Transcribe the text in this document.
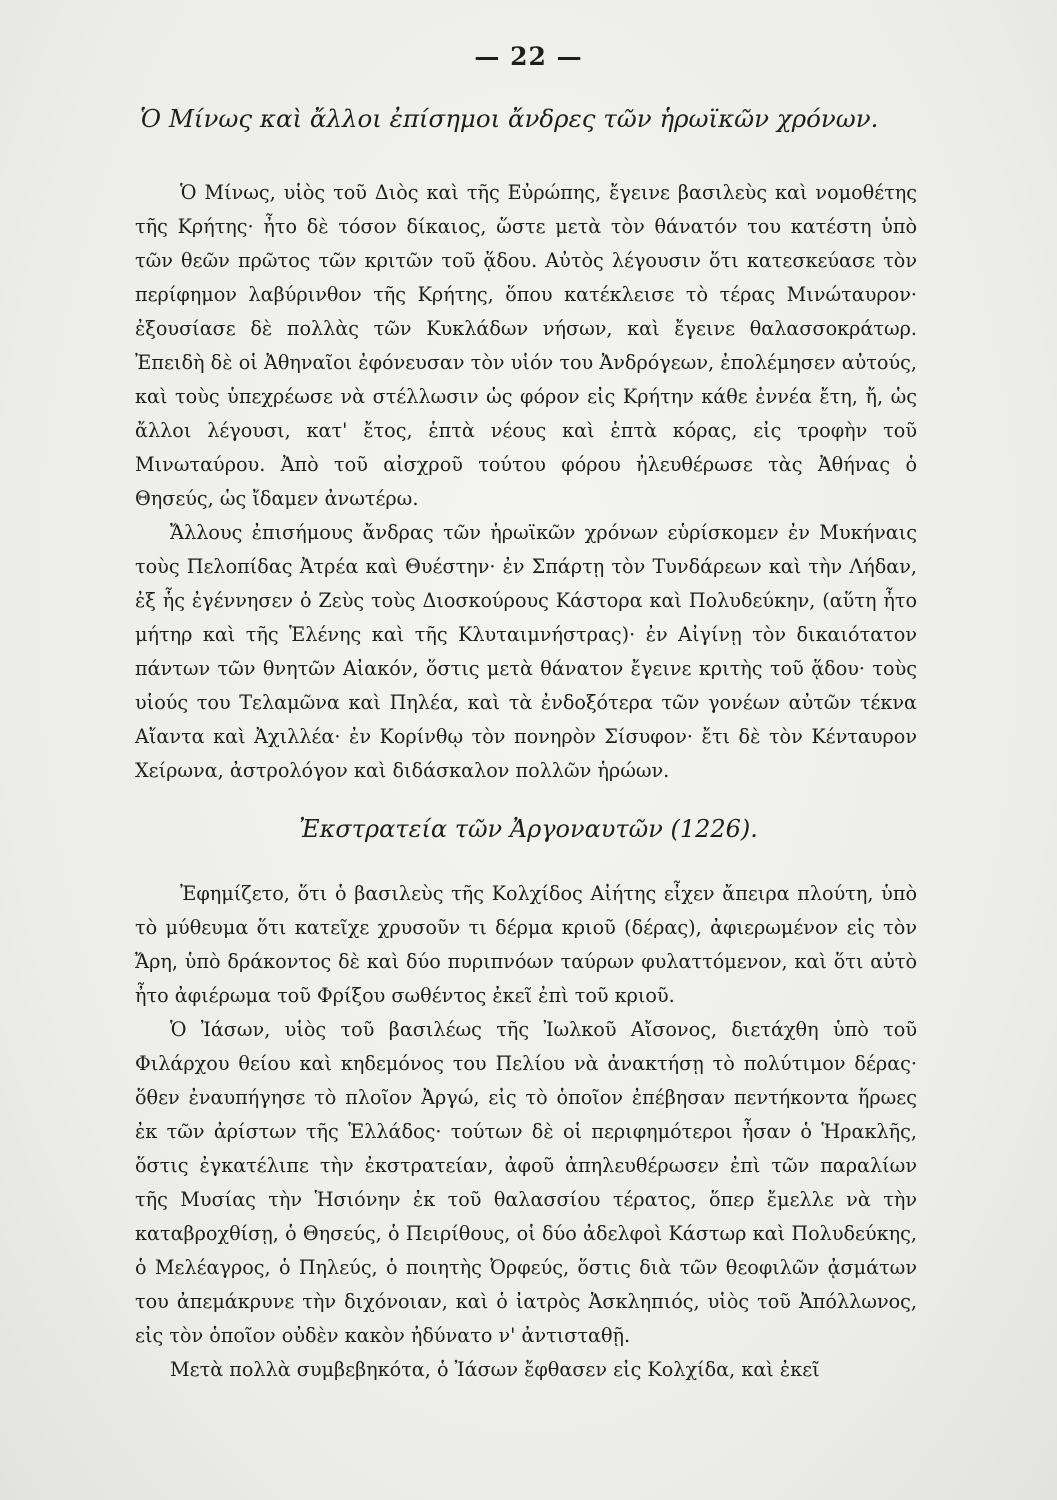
— 22 —
Ὁ Μίνως καὶ ἄλλοι ἐπίσημοι ἄνδρες τῶν ἡρωϊκῶν χρόνων.

Ὁ Μίνως, υἱὸς τοῦ Διὸς καὶ τῆς Εὐρώπης, ἔγεινε βασιλεὺς καὶ νομοθέτης τῆς Κρήτης· ἦτο δὲ τόσον δίκαιος, ὥστε μετὰ τὸν θάνατόν του κατέστη ὑπὸ τῶν θεῶν πρῶτος τῶν κριτῶν τοῦ ᾅδου. Αὐτὸς λέγουσιν ὅτι κατεσκεύασε τὸν περίφημον λαβύρινθον τῆς Κρήτης, ὅπου κατέκλεισε τὸ τέρας Μινώταυρον· ἐξουσίασε δὲ πολλὰς τῶν Κυκλάδων νήσων, καὶ ἔγεινε θαλασσοκράτωρ. Ἐπειδὴ δὲ οἱ Ἀθηναῖοι ἐφόνευσαν τὸν υἱόν του Ἀνδρόγεων, ἐπολέμησεν αὐτούς, καὶ τοὺς ὑπεχρέωσε νὰ στέλλωσιν ὡς φόρον εἰς Κρήτην κάθε ἐννέα ἔτη, ἤ, ὡς ἄλλοι λέγουσι, κατ' ἔτος, ἑπτὰ νέους καὶ ἑπτὰ κόρας, εἰς τροφὴν τοῦ Μινωταύρου. Ἀπὸ τοῦ αἰσχροῦ τούτου φόρου ἠλευθέρωσε τὰς Ἀθήνας ὁ Θησεύς, ὡς ἴδαμεν ἀνωτέρω.

Ἄλλους ἐπισήμους ἄνδρας τῶν ἡρωϊκῶν χρόνων εὑρίσκομεν ἐν Μυκήναις τοὺς Πελοπίδας Ἀτρέα καὶ Θυέστην· ἐν Σπάρτῃ τὸν Τυνδάρεων καὶ τὴν Λήδαν, ἐξ ἧς ἐγέννησεν ὁ Ζεὺς τοὺς Διοσκούρους Κάστορα καὶ Πολυδεύκην, (αὕτη ἦτο μήτηρ καὶ τῆς Ἑλένης καὶ τῆς Κλυταιμνήστρας)· ἐν Αἰγίνῃ τὸν δικαιότατον πάντων τῶν θνητῶν Αἰακόν, ὅστις μετὰ θάνατον ἔγεινε κριτὴς τοῦ ᾅδου· τοὺς υἱούς του Τελαμῶνα καὶ Πηλέα, καὶ τὰ ἐνδοξότερα τῶν γονέων αὐτῶν τέκνα Αἴαντα καὶ Ἀχιλλέα· ἐν Κορίνθῳ τὸν πονηρὸν Σίσυφον· ἔτι δὲ τὸν Κένταυρον Χείρωνα, ἀστρολόγον καὶ διδάσκαλον πολλῶν ἡρώων.

Ἐκστρατεία τῶν Ἀργοναυτῶν (1226).

Ἐφημίζετο, ὅτι ὁ βασιλεὺς τῆς Κολχίδος Αἰήτης εἶχεν ἄπειρα πλούτη, ὑπὸ τὸ μύθευμα ὅτι κατεῖχε χρυσοῦν τι δέρμα κριοῦ (δέρας), ἀφιερωμένον εἰς τὸν Ἄρη, ὑπὸ δράκοντος δὲ καὶ δύο πυριπνόων ταύρων φυλαττόμενον, καὶ ὅτι αὐτὸ ἦτο ἀφιέρωμα τοῦ Φρίξου σωθέντος ἐκεῖ ἐπὶ τοῦ κριοῦ.

Ὁ Ἰάσων, υἱὸς τοῦ βασιλέως τῆς Ἰωλκοῦ Αἴσονος, διετάχθη ὑπὸ τοῦ Φιλάρχου θείου καὶ κηδεμόνος του Πελίου νὰ ἀνακτήσῃ τὸ πολύτιμον δέρας· ὅθεν ἐναυπήγησε τὸ πλοῖον Ἀργώ, εἰς τὸ ὁποῖον ἐπέβησαν πεντήκοντα ἥρωες ἐκ τῶν ἀρίστων τῆς Ἑλλάδος· τούτων δὲ οἱ περιφημότεροι ἦσαν ὁ Ἡρακλῆς, ὅστις ἐγκατέλιπε τὴν ἐκστρατείαν, ἀφοῦ ἀπηλευθέρωσεν ἐπὶ τῶν παραλίων τῆς Μυσίας τὴν Ἡσιόνην ἐκ τοῦ θαλασσίου τέρατος, ὅπερ ἔμελλε νὰ τὴν καταβροχθίσῃ, ὁ Θησεύς, ὁ Πειρίθους, οἱ δύο ἀδελφοὶ Κάστωρ καὶ Πολυδεύκης, ὁ Μελέαγρος, ὁ Πηλεύς, ὁ ποιητὴς Ὀρφεύς, ὅστις διὰ τῶν θεοφιλῶν ᾀσμάτων του ἀπεμάκρυνε τὴν διχόνοιαν, καὶ ὁ ἰατρὸς Ἀσκληπιός, υἱὸς τοῦ Ἀπόλλωνος, εἰς τὸν ὁποῖον οὐδὲν κακὸν ἠδύνατο ν' ἀντισταθῇ.

Μετὰ πολλὰ συμβεβηκότα, ὁ Ἰάσων ἔφθασεν εἰς Κολχίδα, καὶ ἐκεῖ
